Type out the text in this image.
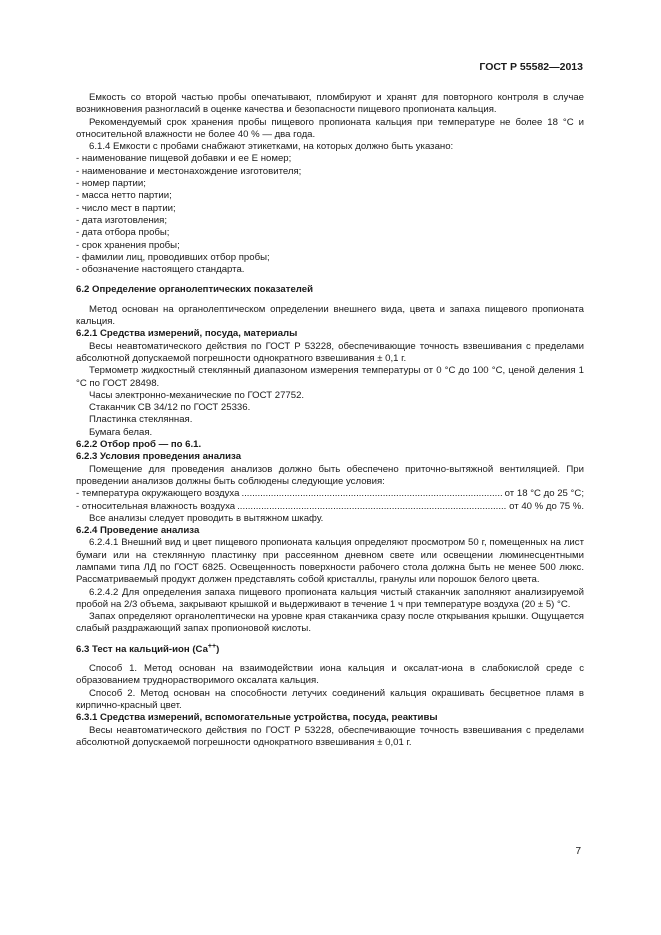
ГОСТ Р 55582—2013

Емкость со второй частью пробы опечатывают, пломбируют и хранят для повторного контроля в случае возникновения разногласий в оценке качества и безопасности пищевого пропионата кальция.

Рекомендуемый срок хранения пробы пищевого пропионата кальция при температуре не более 18 °С и относительной влажности не более 40 % — два года.

6.1.4 Емкости с пробами снабжают этикетками, на которых должно быть указано:

- наименование пищевой добавки и ее Е номер;

- наименование и местонахождение изготовителя;

- номер партии;

- масса нетто партии;

- число мест в партии;

- дата изготовления;

- дата отбора пробы;

- срок хранения пробы;

- фамилии лиц, проводивших отбор пробы;

- обозначение настоящего стандарта.

6.2 Определение органолептических показателей

Метод основан на органолептическом определении внешнего вида, цвета и запаха пищевого пропионата кальция.

6.2.1 Средства измерений, посуда, материалы

Весы неавтоматического действия по ГОСТ Р 53228, обеспечивающие точность взвешивания с пределами абсолютной допускаемой погрешности однократного взвешивания ± 0,1 г.

Термометр жидкостный стеклянный диапазоном измерения температуры от 0 °С до 100 °С, ценой деления 1 °С по ГОСТ 28498.

Часы электронно-механические по ГОСТ 27752.

Стаканчик СВ 34/12 по ГОСТ 25336.

Пластинка стеклянная.

Бумага белая.

6.2.2 Отбор проб — по 6.1.

6.2.3 Условия проведения анализа

Помещение для проведения анализов должно быть обеспечено приточно-вытяжной вентиляцией. При проведении анализов должны быть соблюдены следующие условия:

- температура окружающего воздуха .....	от 18 °С до 25 °С;
- относительная влажность воздуха .....	от 40 % до 75 %.

Все анализы следует проводить в вытяжном шкафу.

6.2.4 Проведение анализа

6.2.4.1 Внешний вид и цвет пищевого пропионата кальция определяют просмотром 50 г, помещенных на лист бумаги или на стеклянную пластинку при рассеянном дневном свете или освещении люминесцентными лампами типа ЛД по ГОСТ 6825. Освещенность поверхности рабочего стола должна быть не менее 500 люкс. Рассматриваемый продукт должен представлять собой кристаллы, гранулы или порошок белого цвета.

6.2.4.2 Для определения запаха пищевого пропионата кальция чистый стаканчик заполняют анализируемой пробой на 2/3 объема, закрывают крышкой и выдерживают в течение 1 ч при температуре воздуха (20 ± 5) °С.

Запах определяют органолептически на уровне края стаканчика сразу после открывания крышки. Ощущается слабый раздражающий запах пропионовой кислоты.

6.3 Тест на кальций-ион (Са++)

Способ 1. Метод основан на взаимодействии иона кальция и оксалат-иона в слабокислой среде с образованием труднорастворимого оксалата кальция.

Способ 2. Метод основан на способности летучих соединений кальция окрашивать бесцветное пламя в кирпично-красный цвет.

6.3.1 Средства измерений, вспомогательные устройства, посуда, реактивы

Весы неавтоматического действия по ГОСТ Р 53228, обеспечивающие точность взвешивания с пределами абсолютной допускаемой погрешности однократного взвешивания ± 0,01 г.

7
